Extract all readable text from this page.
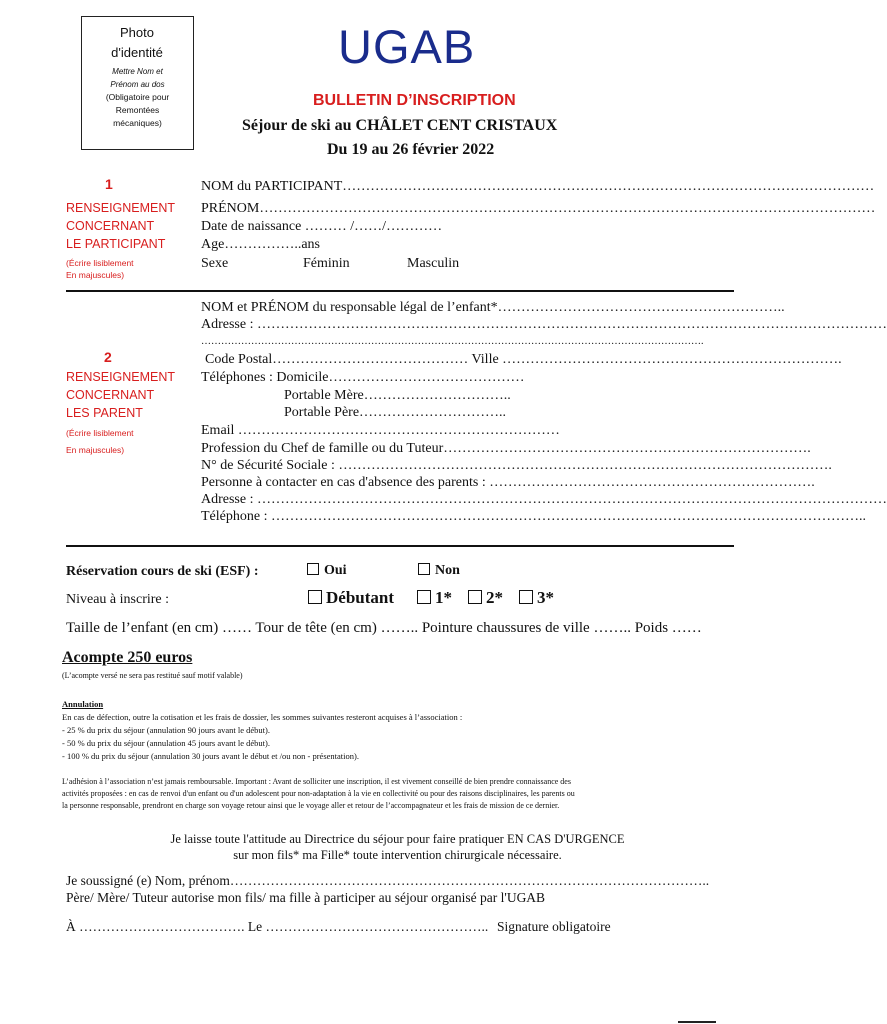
Photo d'identité
Mettre Nom et
Prénom au dos
(Obligatoire pour
Remontées
mécaniques)
UGAB
BULLETIN D’INSCRIPTION
Séjour de ski au CHÂLET CENT CRISTAUX
Du 19 au 26 février 2022
1
RENSEIGNEMENT
CONCERNANT
LE PARTICIPANT
(Écrire lisiblement
En majuscules)
NOM du PARTICIPANT……………………………………………………………………………………………………
PRÉNOM……………………………………………………………………………………………………………………
Date de naissance ……… /……/…………
Age……………..ans
Sexe	Féminin	Masculin
2
RENSEIGNEMENT
CONCERNANT
LES PARENT
(Écrire lisiblement
En majuscules)
NOM et PRÉNOM du responsable légal de l’enfant*……………………………………………………..
Adresse : ………………………………………………………………………………………………………………………
…………………………………………………………………………………………………………………………………….
Code Postal…………………………………… Ville ……………………………………………………………….
Téléphones : Domicile……………………………………
Portable Mère…………………………..
Portable Père…………………………..
Email ……………………………………………………………
Profession du Chef de famille ou du Tuteur…………………………………………………………………….
N° de Sécurité Sociale : …………………………………………………………………………………………….
Personne à contacter en cas d'absence des parents : …………………………………………………………….
Adresse : ………………………………………………………………………………………………………………………
Téléphone : ………………………………………………………………………………………………………………..
Réservation cours de ski (ESF) :	Oui	Non
Niveau à inscrire :	Débutant	1*	2*	3*
Taille de l’enfant (en cm) …… Tour de tête (en cm) …….. Pointure chaussures de ville …….. Poids ……
Acompte 250 euros
(L’acompte versé ne sera pas restitué sauf motif valable)
Annulation
En cas de défection, outre la cotisation et les frais de dossier, les sommes suivantes resteront acquises à l’association :
- 25 % du prix du séjour (annulation 90 jours avant le début).
- 50 % du prix du séjour (annulation 45 jours avant le début).
- 100 % du prix du séjour (annulation 30 jours avant le début et /ou non - présentation).
L’adhésion à l’association n’est jamais remboursable. Important : Avant de solliciter une inscription, il est vivement conseillé de bien prendre connaissance des
activités proposées : en cas de renvoi d'un enfant ou d'un adolescent pour non-adaptation à la vie en collectivité ou pour des raisons disciplinaires, les parents ou
la personne responsable, prendront en charge son voyage retour ainsi que le voyage aller et retour de l’accompagnateur et les frais de mission de ce dernier.
Je laisse toute l'attitude au Directrice du séjour pour faire pratiquer EN CAS D'URGENCE
sur mon fils* ma Fille* toute intervention chirurgicale nécessaire.
Je soussigné (e) Nom, prénom……………………………………………………………………………………………..
Père/ Mère/ Tuteur autorise mon fils/ ma fille à participer au séjour organisé par l'UGAB
À ………………………………. Le ………………………………………….. Signature obligatoire
